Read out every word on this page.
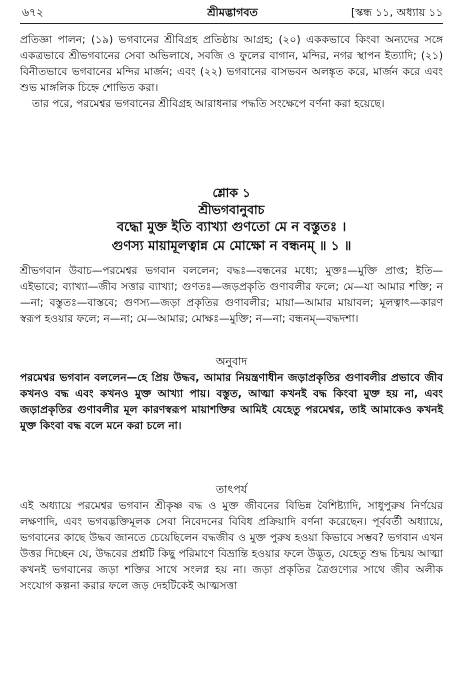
৬৭২	শ্রীমদ্ভাগবত	[স্কন্ধ ১১, অধ্যায় ১১

প্রতিজ্ঞা পালন; (১৯) ভগবানের শ্রীবিগ্রহ প্রতিষ্ঠায় আগ্রহ; (২০) এককভাবে কিংবা অন্যদের সঙ্গে একত্রভাবে শ্রীভগবানের সেবা অভিলাষে, সবজি ও ফুলের বাগান, মন্দির, নগর স্থাপন ইত্যাদি; (২১) বিনীতভাবে ভগবানের মন্দির মার্জন; এবং (২২) ভগবানের বাসভবন অলঙ্কৃত করে, মার্জন করে এবং শুভ মাঙ্গলিক চিহ্নে শোভিত করা।

তার পরে, পরমেশ্বর ভগবানের শ্রীবিগ্রহ আরাধনার পদ্ধতি সংক্ষেপে বর্ণনা করা হয়েছে।

শ্লোক ১
শ্রীভগবানুবাচ
বদ্ধো মুক্ত ইতি ব্যাখ্যা গুণতো মে ন বস্তুতঃ ।
গুণস্য মায়ামূলত্বান্ন মে মোক্ষো ন বন্ধনম্‌ ॥ ১ ॥

শ্রীভগবান উবাচ—পরমেশ্বর ভগবান বললেন; বদ্ধঃ—বন্ধনের মধ্যে; মুক্তঃ—মুক্তি প্রাপ্ত; ইতি—এইভাবে; ব্যাখ্যা—জীব সত্তার ব্যাখ্যা; গুণতঃ—জড়প্রকৃতি গুণাবলীর ফলে; মে—যা আমার শক্তি; ন—না; বস্তুতঃ—বাস্তবে; গুণস্য—জড়া প্রকৃতির গুণাবলীর; মায়া—আমার মায়াবল; মূলত্বাৎ—কারণ স্বরূপ হওয়ার ফলে; ন—না; মে—আমার; মোক্ষঃ—মুক্তি; ন—না; বন্ধনম্‌—বদ্ধদশা।

অনুবাদ

পরমেশ্বর ভগবান বললেন—হে প্রিয় উদ্ধব, আমার নিয়ন্ত্রণাধীন জড়াপ্রকৃতির গুণাবলীর প্রভাবে জীব কখনও বদ্ধ এবং কখনও মুক্ত আখ্যা পায়। বস্তুত, আত্মা কখনই বদ্ধ কিংবা মুক্ত হয় না, এবং জড়াপ্রকৃতির গুণাবলীর মূল কারণস্বরূপ মায়াশক্তির আমিই যেহেতু পরমেশ্বর, তাই আমাকেও কখনই মুক্ত কিংবা বদ্ধ বলে মনে করা চলে না।

তাৎপর্য

এই অধ্যায়ে পরমেশ্বর ভগবান শ্রীকৃষ্ণ বদ্ধ ও মুক্ত জীবনের বিভিন্ন বৈশিষ্ট্যাদি, সাধুপুরুষ নির্ণয়ের লক্ষণাদি, এবং ভগবদ্ভক্তিমূলক সেবা নিবেদনের বিবিধ প্রক্রিয়াদি বর্ণনা করেছেন। পূর্ববর্তী অধ্যায়ে, ভগবানের কাছে উদ্ধব জানতে চেয়েছিলেন বদ্ধজীব ও মুক্ত পুরুষ হওয়া কিভাবে সম্ভব? ভগবান এখন উত্তর দিচ্ছেন যে, উদ্ধবের প্রশ্নটি কিছু পরিমাণে বিভ্রান্তি হওয়ার ফলে উদ্ভূত, যেহেতু শুদ্ধ চিন্ময় আত্মা কখনই ভগবানের জড়া শক্তির সাথে সংলগ্ন হয় না। জড়া প্রকৃতির ত্রৈগুণ্যের সাথে জীব অলীক সংযোগ কল্পনা করার ফলে জড় দেহটিকেই আত্মসত্তা
